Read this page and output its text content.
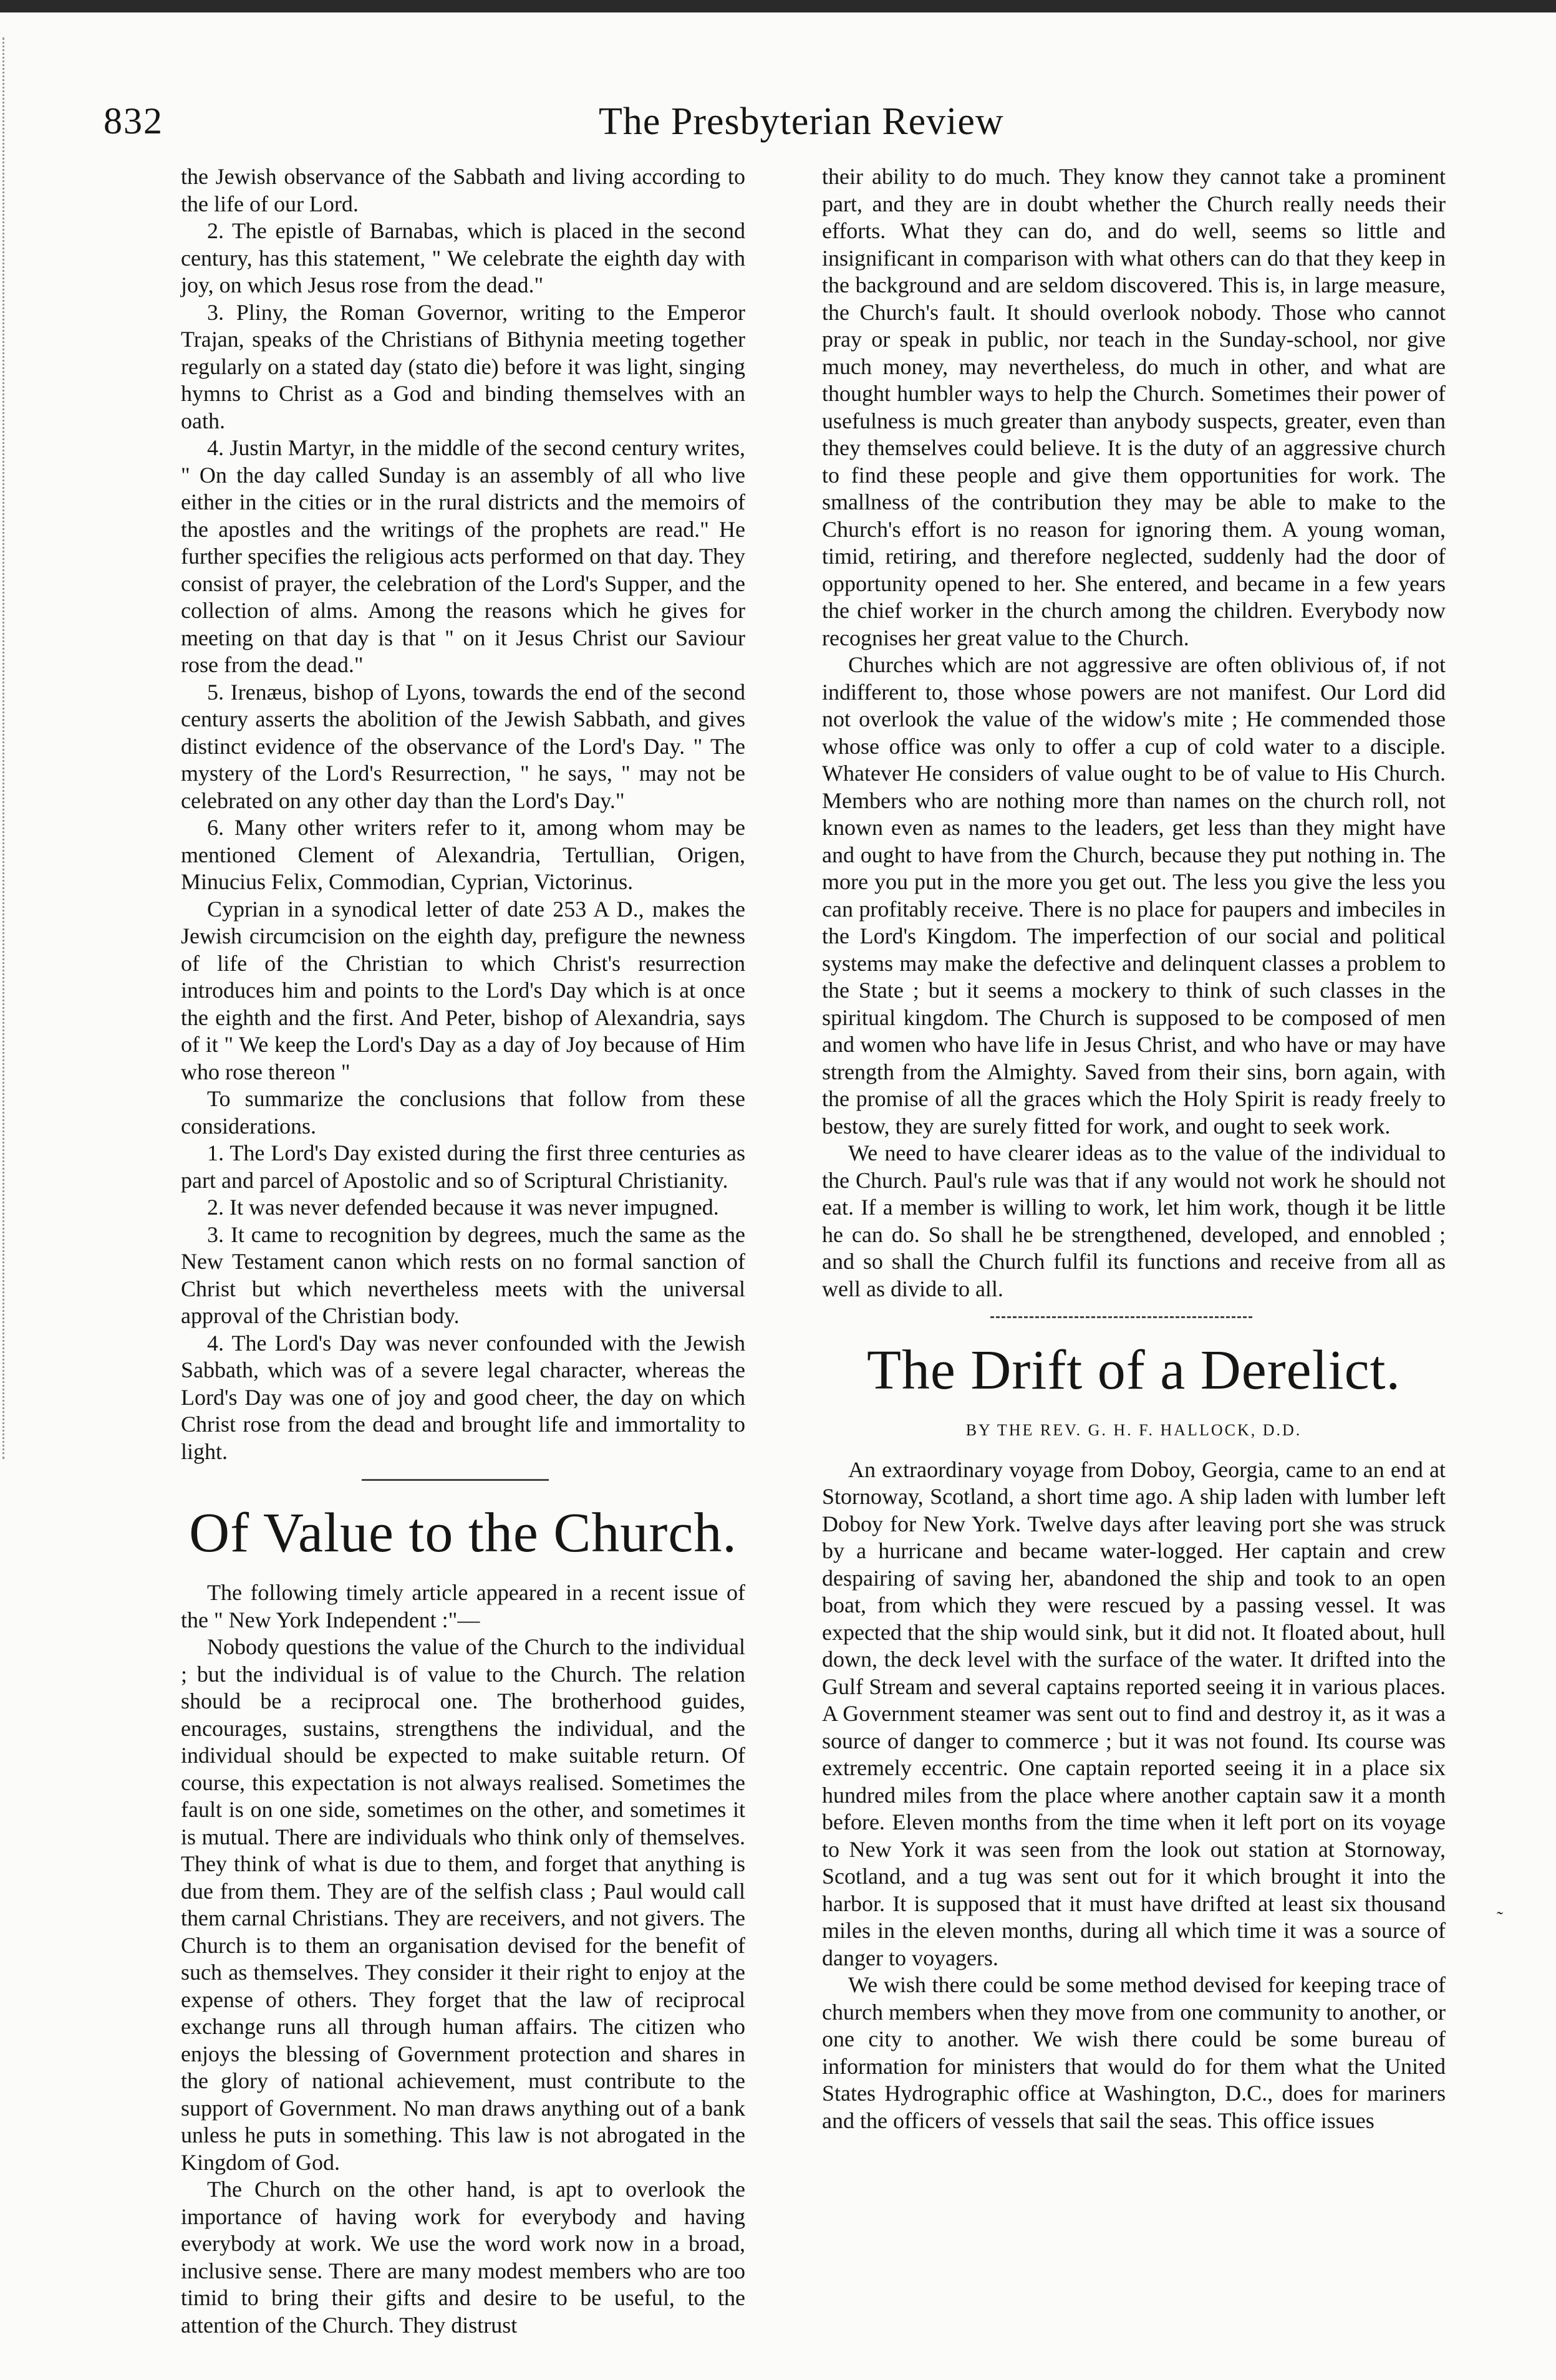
832	The Presbyterian Review

the Jewish observance of the Sabbath and living according to the life of our Lord.

2. The epistle of Barnabas, which is placed in the second century, has this statement, " We celebrate the eighth day with joy, on which Jesus rose from the dead."

3. Pliny, the Roman Governor, writing to the Emperor Trajan, speaks of the Christians of Bithynia meeting together regularly on a stated day (stato die) before it was light, singing hymns to Christ as a God and binding themselves with an oath.

4. Justin Martyr, in the middle of the second century writes, " On the day called Sunday is an assembly of all who live either in the cities or in the rural districts and the memoirs of the apostles and the writings of the prophets are read." He further specifies the religious acts performed on that day. They consist of prayer, the celebration of the Lord's Supper, and the collection of alms. Among the reasons which he gives for meeting on that day is that " on it Jesus Christ our Saviour rose from the dead."

5. Irenæus, bishop of Lyons, towards the end of the second century asserts the abolition of the Jewish Sabbath, and gives distinct evidence of the observance of the Lord's Day. " The mystery of the Lord's Resurrection, " he says, " may not be celebrated on any other day than the Lord's Day."

6. Many other writers refer to it, among whom may be mentioned Clement of Alexandria, Tertullian, Origen, Minucius Felix, Commodian, Cyprian, Victorinus.

Cyprian in a synodical letter of date 253 A D., makes the Jewish circumcision on the eighth day, prefigure the newness of life of the Christian to which Christ's resurrection introduces him and points to the Lord's Day which is at once the eighth and the first. And Peter, bishop of Alexandria, says of it " We keep the Lord's Day as a day of Joy because of Him who rose thereon "

To summarize the conclusions that follow from these considerations.

1. The Lord's Day existed during the first three centuries as part and parcel of Apostolic and so of Scriptural Christianity.

2. It was never defended because it was never impugned.

3. It came to recognition by degrees, much the same as the New Testament canon which rests on no formal sanction of Christ but which nevertheless meets with the universal approval of the Christian body.

4. The Lord's Day was never confounded with the Jewish Sabbath, which was of a severe legal character, whereas the Lord's Day was one of joy and good cheer, the day on which Christ rose from the dead and brought life and immortality to light.

Of Value to the Church.

The following timely article appeared in a recent issue of the " New York Independent :"—

Nobody questions the value of the Church to the individual ; but the individual is of value to the Church. The relation should be a reciprocal one. The brotherhood guides, encourages, sustains, strengthens the individual, and the individual should be expected to make suitable return. Of course, this expectation is not always realised. Sometimes the fault is on one side, sometimes on the other, and sometimes it is mutual. There are individuals who think only of themselves. They think of what is due to them, and forget that anything is due from them. They are of the selfish class ; Paul would call them carnal Christians. They are receivers, and not givers. The Church is to them an organisation devised for the benefit of such as themselves. They consider it their right to enjoy at the expense of others. They forget that the law of reciprocal exchange runs all through human affairs. The citizen who enjoys the blessing of Government protection and shares in the glory of national achievement, must contribute to the support of Government. No man draws anything out of a bank unless he puts in something. This law is not abrogated in the Kingdom of God.

The Church on the other hand, is apt to overlook the importance of having work for everybody and having everybody at work. We use the word work now in a broad, inclusive sense. There are many modest members who are too timid to bring their gifts and desire to be useful, to the attention of the Church. They distrust

their ability to do much. They know they cannot take a prominent part, and they are in doubt whether the Church really needs their efforts. What they can do, and do well, seems so little and insignificant in comparison with what others can do that they keep in the background and are seldom discovered. This is, in large measure, the Church's fault. It should overlook nobody. Those who cannot pray or speak in public, nor teach in the Sunday-school, nor give much money, may nevertheless, do much in other, and what are thought humbler ways to help the Church. Sometimes their power of usefulness is much greater than anybody suspects, greater, even than they themselves could believe. It is the duty of an aggressive church to find these people and give them opportunities for work. The smallness of the contribution they may be able to make to the Church's effort is no reason for ignoring them. A young woman, timid, retiring, and therefore neglected, suddenly had the door of opportunity opened to her. She entered, and became in a few years the chief worker in the church among the children. Everybody now recognises her great value to the Church.

Churches which are not aggressive are often oblivious of, if not indifferent to, those whose powers are not manifest. Our Lord did not overlook the value of the widow's mite ; He commended those whose office was only to offer a cup of cold water to a disciple. Whatever He considers of value ought to be of value to His Church. Members who are nothing more than names on the church roll, not known even as names to the leaders, get less than they might have and ought to have from the Church, because they put nothing in. The more you put in the more you get out. The less you give the less you can profitably receive. There is no place for paupers and imbeciles in the Lord's Kingdom. The imperfection of our social and political systems may make the defective and delinquent classes a problem to the State ; but it seems a mockery to think of such classes in the spiritual kingdom. The Church is supposed to be composed of men and women who have life in Jesus Christ, and who have or may have strength from the Almighty. Saved from their sins, born again, with the promise of all the graces which the Holy Spirit is ready freely to bestow, they are surely fitted for work, and ought to seek work.

We need to have clearer ideas as to the value of the individual to the Church. Paul's rule was that if any would not work he should not eat. If a member is willing to work, let him work, though it be little he can do. So shall he be strengthened, developed, and ennobled ; and so shall the Church fulfil its functions and receive from all as well as divide to all.

The Drift of a Derelict.
BY THE REV. G. H. F. HALLOCK, D.D.

An extraordinary voyage from Doboy, Georgia, came to an end at Stornoway, Scotland, a short time ago. A ship laden with lumber left Doboy for New York. Twelve days after leaving port she was struck by a hurricane and became water-logged. Her captain and crew despairing of saving her, abandoned the ship and took to an open boat, from which they were rescued by a passing vessel. It was expected that the ship would sink, but it did not. It floated about, hull down, the deck level with the surface of the water. It drifted into the Gulf Stream and several captains reported seeing it in various places. A Government steamer was sent out to find and destroy it, as it was a source of danger to commerce ; but it was not found. Its course was extremely eccentric. One captain reported seeing it in a place six hundred miles from the place where another captain saw it a month before. Eleven months from the time when it left port on its voyage to New York it was seen from the look out station at Stornoway, Scotland, and a tug was sent out for it which brought it into the harbor. It is supposed that it must have drifted at least six thousand miles in the eleven months, during all which time it was a source of danger to voyagers.

We wish there could be some method devised for keeping trace of church members when they move from one community to another, or one city to another. We wish there could be some bureau of information for ministers that would do for them what the United States Hydrographic office at Washington, D.C., does for mariners and the officers of vessels that sail the seas. This office issues

˜
